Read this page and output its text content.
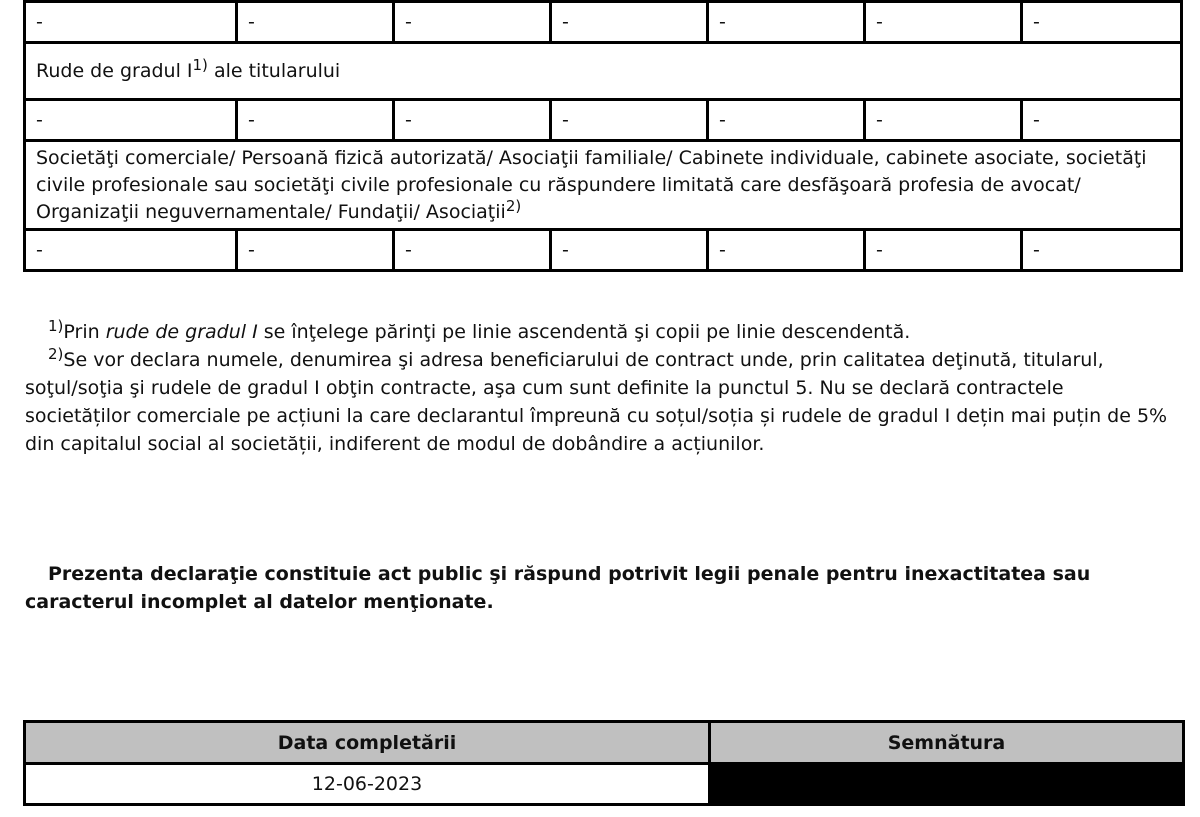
-	-	-	-	-	-	-
Rude de gradul $I^{1)}$ ale titularului						
-	-	-	-	-	-	-
Societăţi comerciale/ Persoană fizică autorizată/ Asociaţii familiale/ Cabinete individuale, cabinete asociate, societăţi civile profesionale sau societăţi civile profesionale cu răspundere limitată care desfăşoară profesia de avocat/ Organizaţii neguvernamentale/ Fundaţii/ Asociaţii$^{2)}$
-	-	-	-	-	-	-

$^{1)}$Prin rude de gradul I se înţelege părinţi pe linie ascendentă şi copii pe linie descendentă.

$^{2)}$Se vor declara numele, denumirea şi adresa beneficiarului de contract unde, prin calitatea deţinută, titularul, soţul/soţia şi rudele de gradul I obţin contracte, aşa cum sunt definite la punctul 5. Nu se declară contractele societăților comerciale pe acțiuni la care declarantul împreună cu soțul/soția și rudele de gradul I dețin mai puțin de 5% din capitalul social al societății, indiferent de modul de dobândire a acțiunilor.

Prezenta declaraţie constituie act public şi răspund potrivit legii penale pentru inexactitatea sau caracterul incomplet al datelor menţionate.
Data completării	Semnătura
12-06-2023	
